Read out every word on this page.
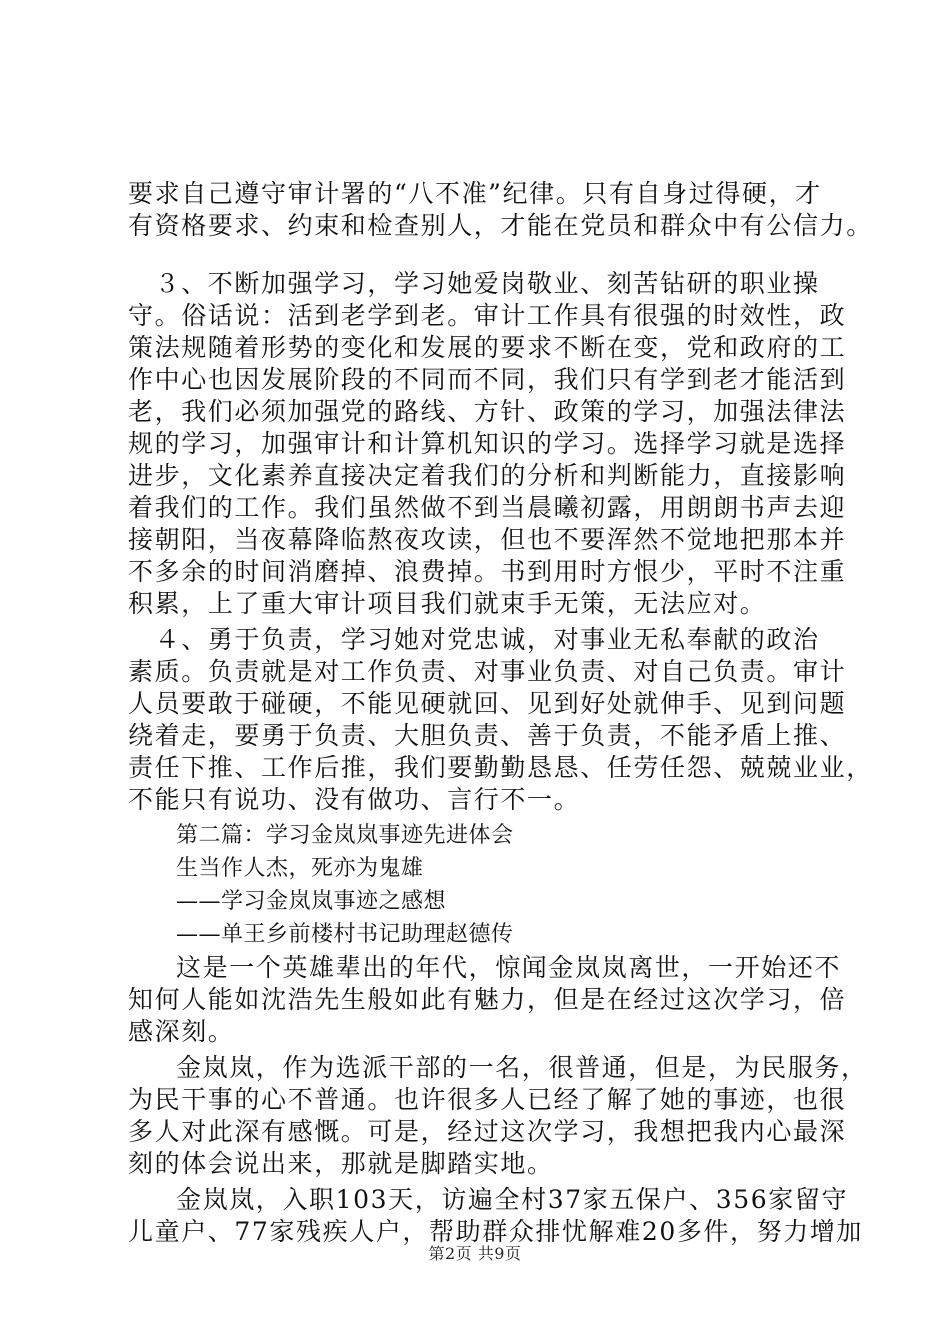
要求自己遵守审计署的“八不准”纪律。只有自身过得硬，才
有资格要求、约束和检查别人，才能在党员和群众中有公信力。
　３、不断加强学习，学习她爱岗敬业、刻苦钻研的职业操
守。俗话说：活到老学到老。审计工作具有很强的时效性，政
策法规随着形势的变化和发展的要求不断在变，党和政府的工
作中心也因发展阶段的不同而不同，我们只有学到老才能活到
老，我们必须加强党的路线、方针、政策的学习，加强法律法
规的学习，加强审计和计算机知识的学习。选择学习就是选择
进步，文化素养直接决定着我们的分析和判断能力，直接影响
着我们的工作。我们虽然做不到当晨曦初露，用朗朗书声去迎
接朝阳，当夜幕降临熬夜攻读，但也不要浑然不觉地把那本并
不多余的时间消磨掉、浪费掉。书到用时方恨少，平时不注重
积累，上了重大审计项目我们就束手无策，无法应对。
　４、勇于负责，学习她对党忠诚，对事业无私奉献的政治
素质。负责就是对工作负责、对事业负责、对自己负责。审计
人员要敢于碰硬，不能见硬就回、见到好处就伸手、见到问题
绕着走，要勇于负责、大胆负责、善于负责，不能矛盾上推、
责任下推、工作后推，我们要勤勤恳恳、任劳任怨、兢兢业业，
不能只有说功、没有做功、言行不一。
第二篇：学习金岚岚事迹先进体会
生当作人杰，死亦为鬼雄
——学习金岚岚事迹之感想
——单王乡前楼村书记助理赵德传
这是一个英雄辈出的年代，惊闻金岚岚离世，一开始还不
知何人能如沈浩先生般如此有魅力，但是在经过这次学习，倍
感深刻。
金岚岚，作为选派干部的一名，很普通，但是，为民服务，
为民干事的心不普通。也许很多人已经了解了她的事迹，也很
多人对此深有感慨。可是，经过这次学习，我想把我内心最深
刻的体会说出来，那就是脚踏实地。
金岚岚，入职103天，访遍全村37家五保户、356家留守
儿童户、77家残疾人户，帮助群众排忧解难20多件，努力增加
第2页 共9页
